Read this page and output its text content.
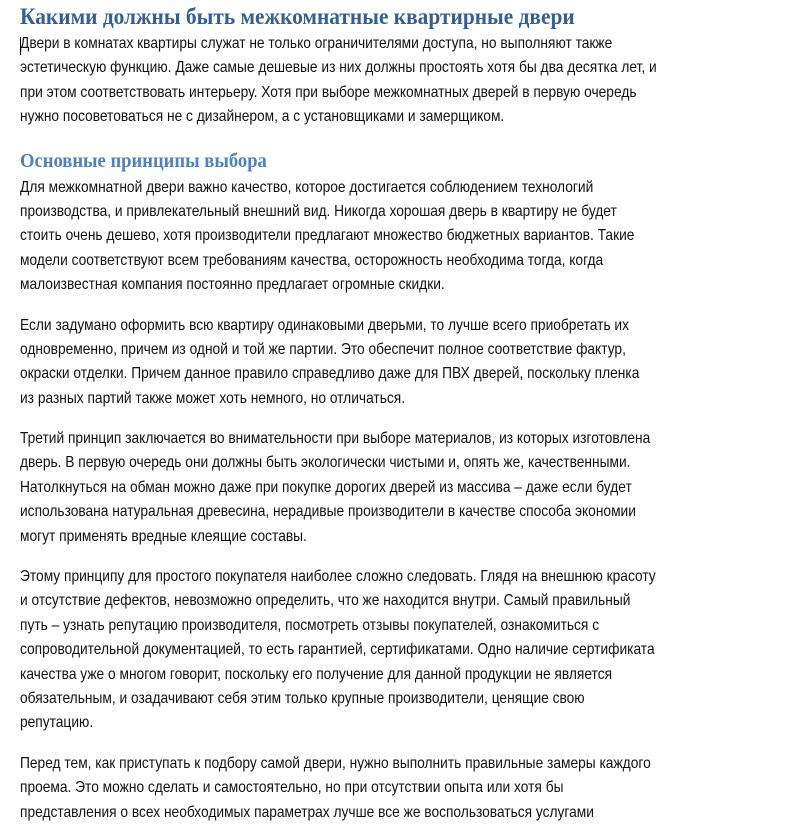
Какими должны быть межкомнатные квартирные двери
Двери в комнатах квартиры служат не только ограничителями доступа, но выполняют также
эстетическую функцию. Даже самые дешевые из них должны простоять хотя бы два десятка лет, и
при этом соответствовать интерьеру. Хотя при выборе межкомнатных дверей в первую очередь
нужно посоветоваться не с дизайнером, а с установщиками и замерщиком.
Основные принципы выбора
Для межкомнатной двери важно качество, которое достигается соблюдением технологий
производства, и привлекательный внешний вид. Никогда хорошая дверь в квартиру не будет
стоить очень дешево, хотя производители предлагают множество бюджетных вариантов. Такие
модели соответствуют всем требованиям качества, осторожность необходима тогда, когда
малоизвестная компания постоянно предлагает огромные скидки.
Если задумано оформить всю квартиру одинаковыми дверьми, то лучше всего приобретать их
одновременно, причем из одной и той же партии. Это обеспечит полное соответствие фактур,
окраски отделки. Причем данное правило справедливо даже для ПВХ дверей, поскольку пленка
из разных партий также может хоть немного, но отличаться.
Третий принцип заключается во внимательности при выборе материалов, из которых изготовлена
дверь. В первую очередь они должны быть экологически чистыми и, опять же, качественными.
Натолкнуться на обман можно даже при покупке дорогих дверей из массива – даже если будет
использована натуральная древесина, нерадивые производители в качестве способа экономии
могут применять вредные клеящие составы.
Этому принципу для простого покупателя наиболее сложно следовать. Глядя на внешнюю красоту
и отсутствие дефектов, невозможно определить, что же находится внутри. Самый правильный
путь – узнать репутацию производителя, посмотреть отзывы покупателей, ознакомиться с
сопроводительной документацией, то есть гарантией, сертификатами. Одно наличие сертификата
качества уже о многом говорит, поскольку его получение для данной продукции не является
обязательным, и озадачивают себя этим только крупные производители, ценящие свою
репутацию.
Перед тем, как приступать к подбору самой двери, нужно выполнить правильные замеры каждого
проема. Это можно сделать и самостоятельно, но при отсутствии опыта или хотя бы
представления о всех необходимых параметрах лучше все же воспользоваться услугами
